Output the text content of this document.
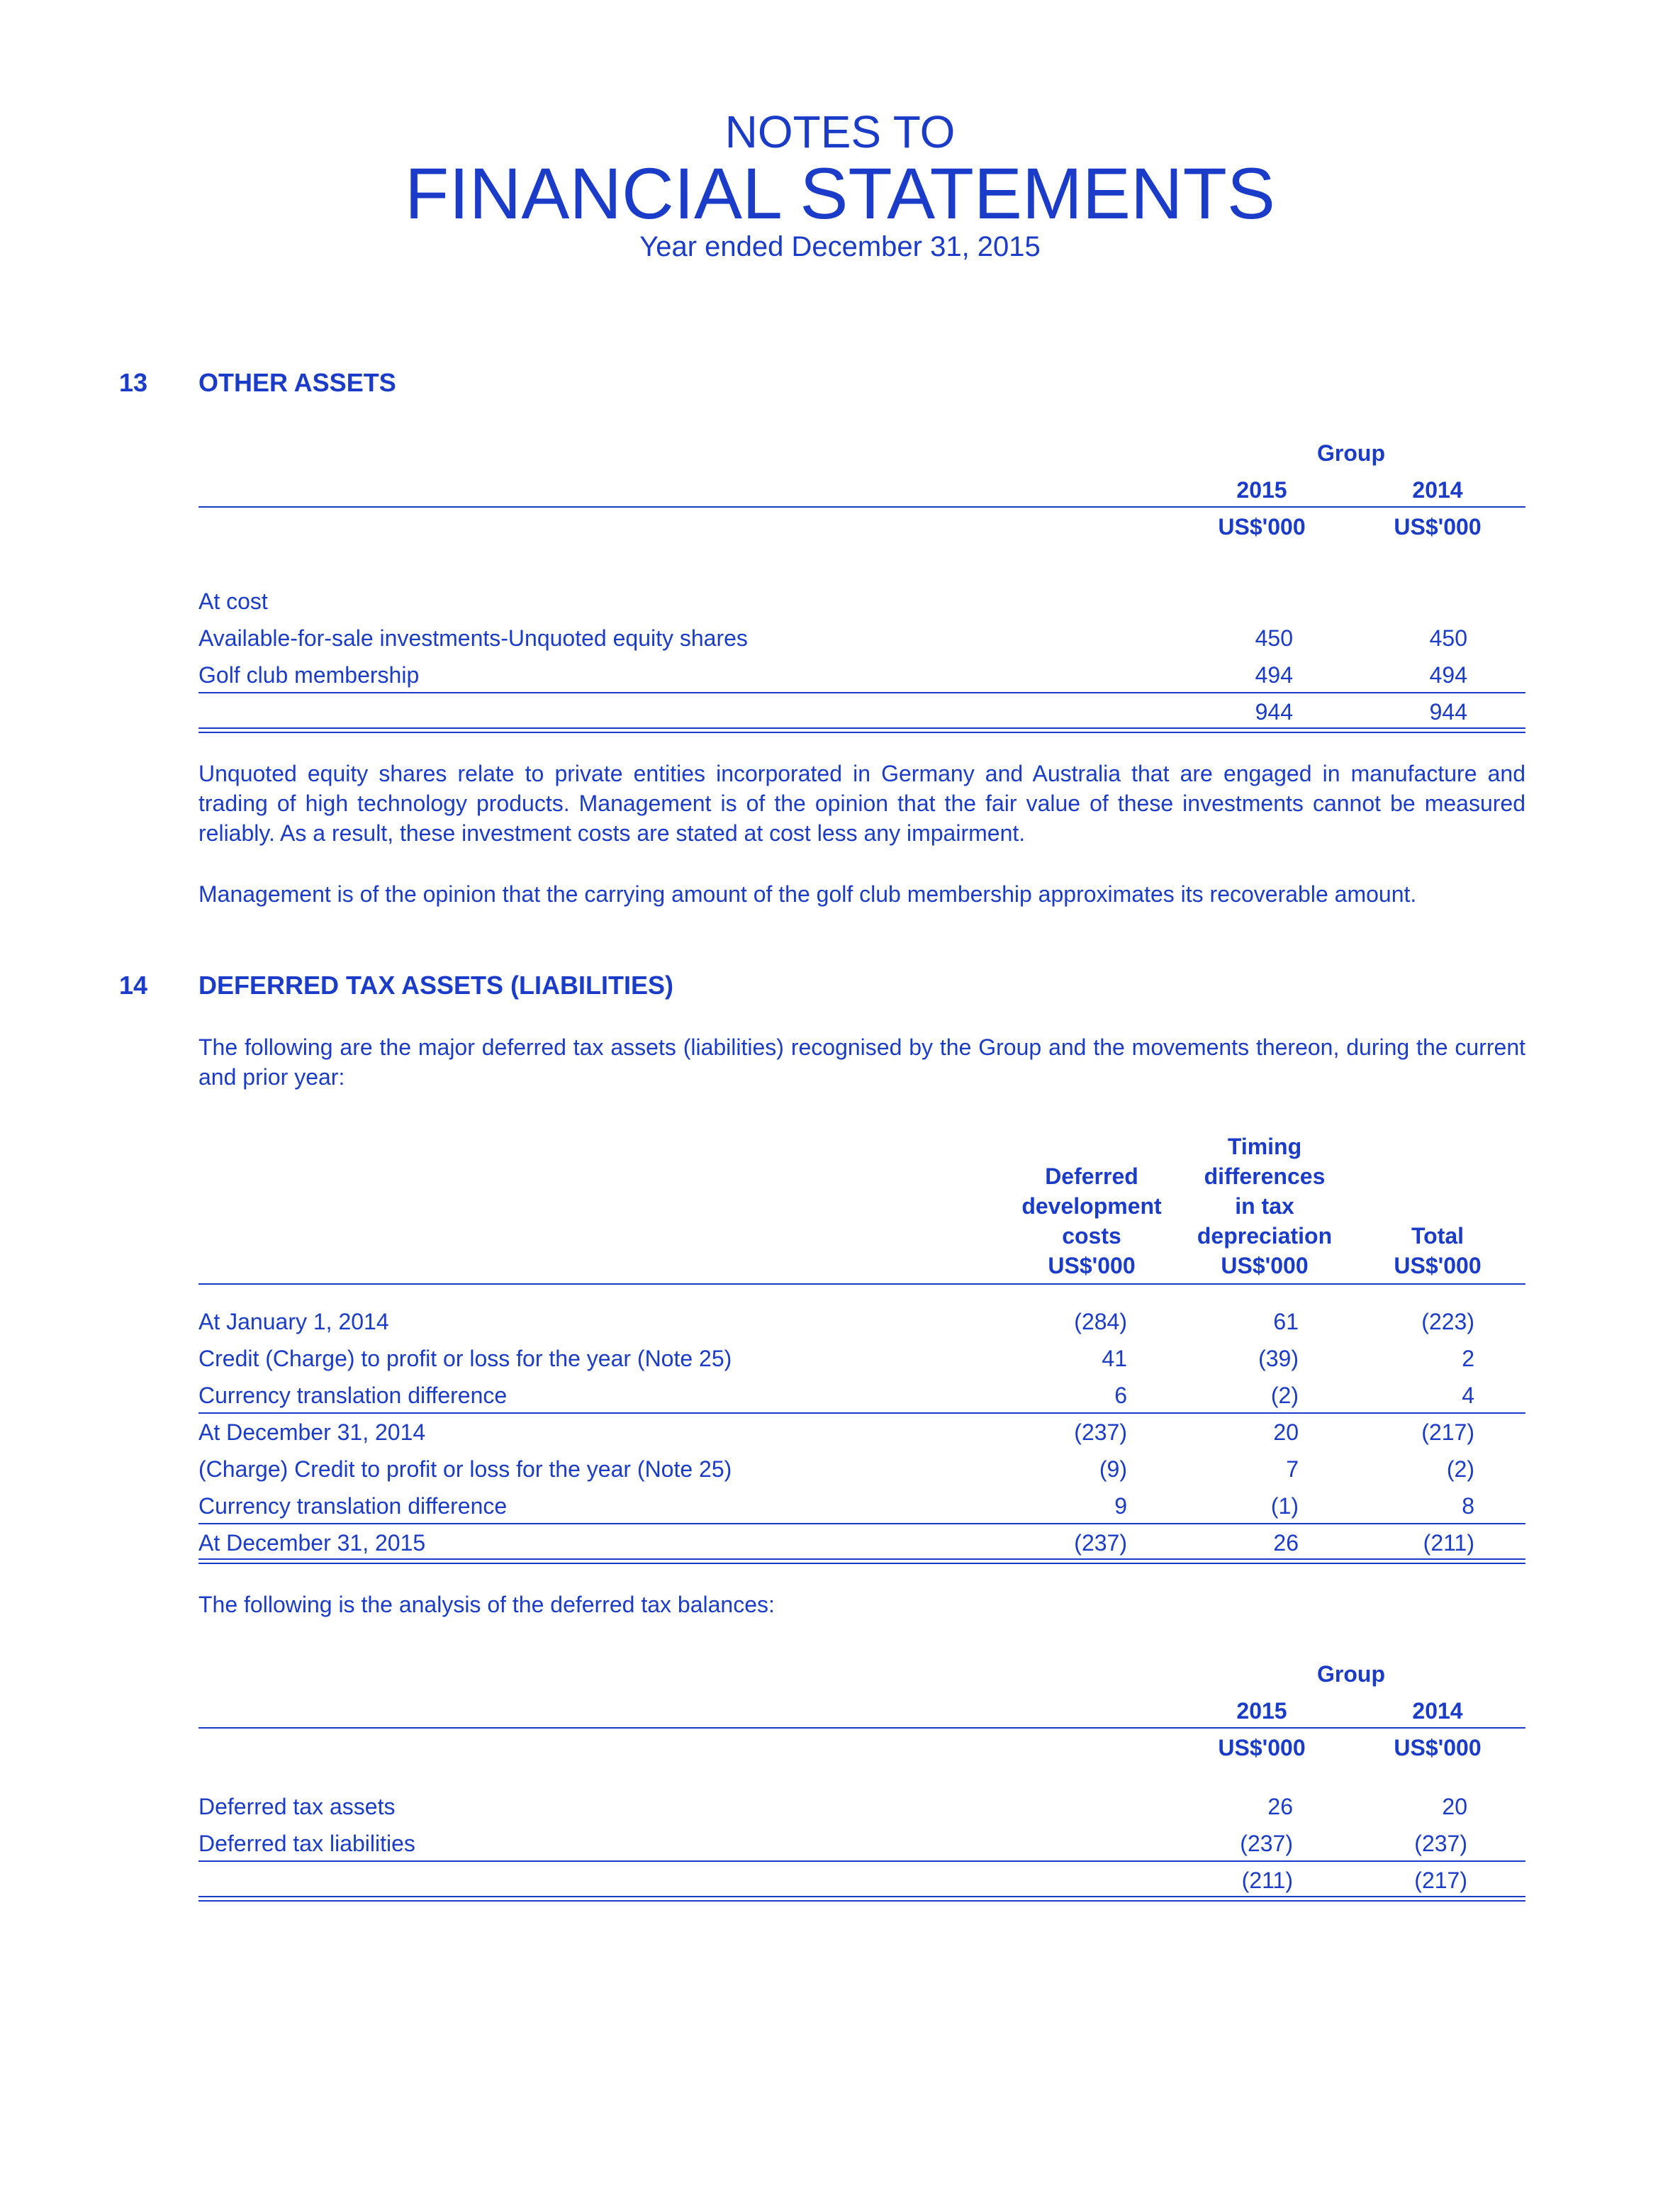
NOTES TO
FINANCIAL STATEMENTS
Year ended December 31, 2015
13 OTHER ASSETS
Group
2015	2014
US$'000	US$'000
At cost
Available-for-sale investments-Unquoted equity shares	450	450
Golf club membership	494	494
944	944
Unquoted equity shares relate to private entities incorporated in Germany and Australia that are engaged in manufacture and trading of high technology products. Management is of the opinion that the fair value of these investments cannot be measured reliably. As a result, these investment costs are stated at cost less any impairment.
Management is of the opinion that the carrying amount of the golf club membership approximates its recoverable amount.
14 DEFERRED TAX ASSETS (LIABILITIES)
The following are the major deferred tax assets (liabilities) recognised by the Group and the movements thereon, during the current and prior year:
Deferred
development
costs
US$'000
Timing
differences
in tax
depreciation
US$'000
Total
US$'000
At January 1, 2014	(284)	61	(223)
Credit (Charge) to profit or loss for the year (Note 25)	41	(39)	2
Currency translation difference	6	(2)	4
At December 31, 2014	(237)	20	(217)
(Charge) Credit to profit or loss for the year (Note 25)	(9)	7	(2)
Currency translation difference	9	(1)	8
At December 31, 2015	(237)	26	(211)
The following is the analysis of the deferred tax balances:
Group
2015	2014
US$'000	US$'000
Deferred tax assets	26	20
Deferred tax liabilities	(237)	(237)
(211)	(217)
